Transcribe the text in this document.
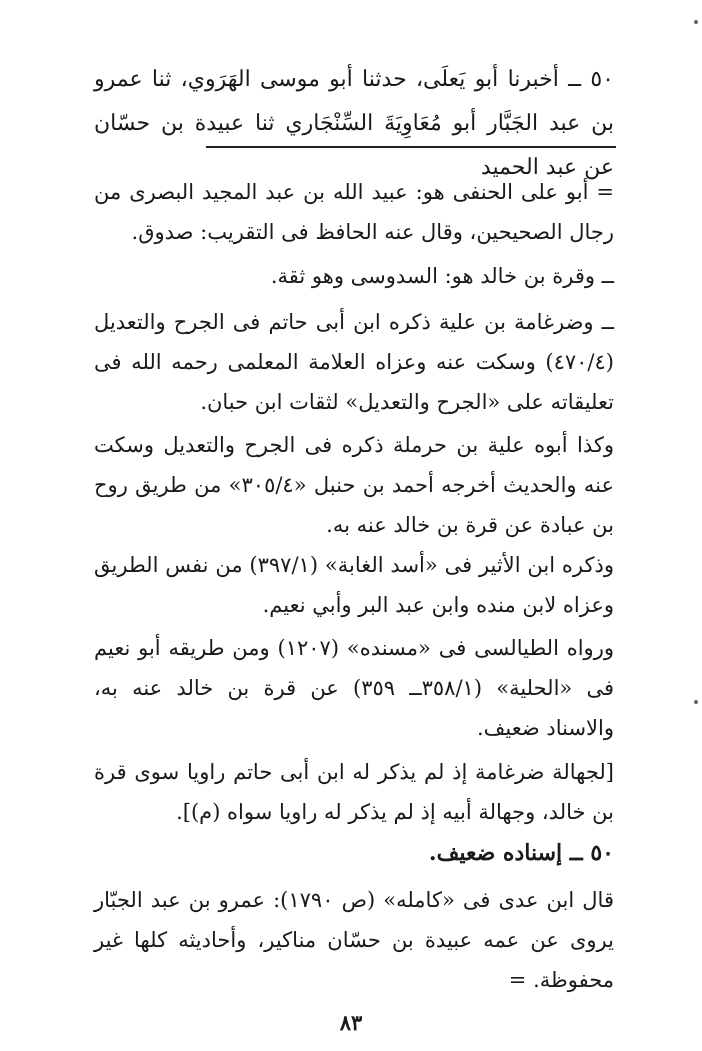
٥٠ ــ أخبرنا أبو يَعلَى، حدثنا أبو موسى الهَرَوي، ثنا عمرو بن عبد الجَبَّار أبو مُعَاوِيَةَ السِّنْجَاري ثنا عبيدة بن حسّان عن عبد الحميد
= أبو على الحنفى هو: عبيد الله بن عبد المجيد البصرى من رجال الصحيحين، وقال عنه الحافظ فى التقريب: صدوق.
ــ وقرة بن خالد هو: السدوسى وهو ثقة.
ــ وضرغامة بن علية ذكره ابن أبى حاتم فى الجرح والتعديل (٤٧٠/٤) وسكت عنه وعزاه العلامة المعلمى رحمه الله فى تعليقاته على «الجرح والتعديل» لثقات ابن حبان.
وكذا أبوه علية بن حرملة ذكره فى الجرح والتعديل وسكت عنه والحديث أخرجه أحمد بن حنبل «٣٠٥/٤» من طريق روح بن عبادة عن قرة بن خالد عنه به.
وذكره ابن الأثير فى «أسد الغابة» (٣٩٧/١) من نفس الطريق وعزاه لابن منده وابن عبد البر وأبي نعيم.
ورواه الطيالسى فى «مسنده» (١٢٠٧) ومن طريقه أبو نعيم فى «الحلية» (٣٥٨/١ــ ٣٥٩) عن قرة بن خالد عنه به، والاسناد ضعيف.
[لجهالة ضرغامة إذ لم يذكر له ابن أبى حاتم راويا سوى قرة بن خالد، وجهالة أبيه إذ لم يذكر له راويا سواه (م)].
٥٠ ــ إسناده ضعيف.
قال ابن عدى فى «كامله» (ص ١٧٩٠): عمرو بن عبد الجبّار يروى عن عمه عبيدة بن حسّان مناكير، وأحاديثه كلها غير محفوظة. =
٨٣
